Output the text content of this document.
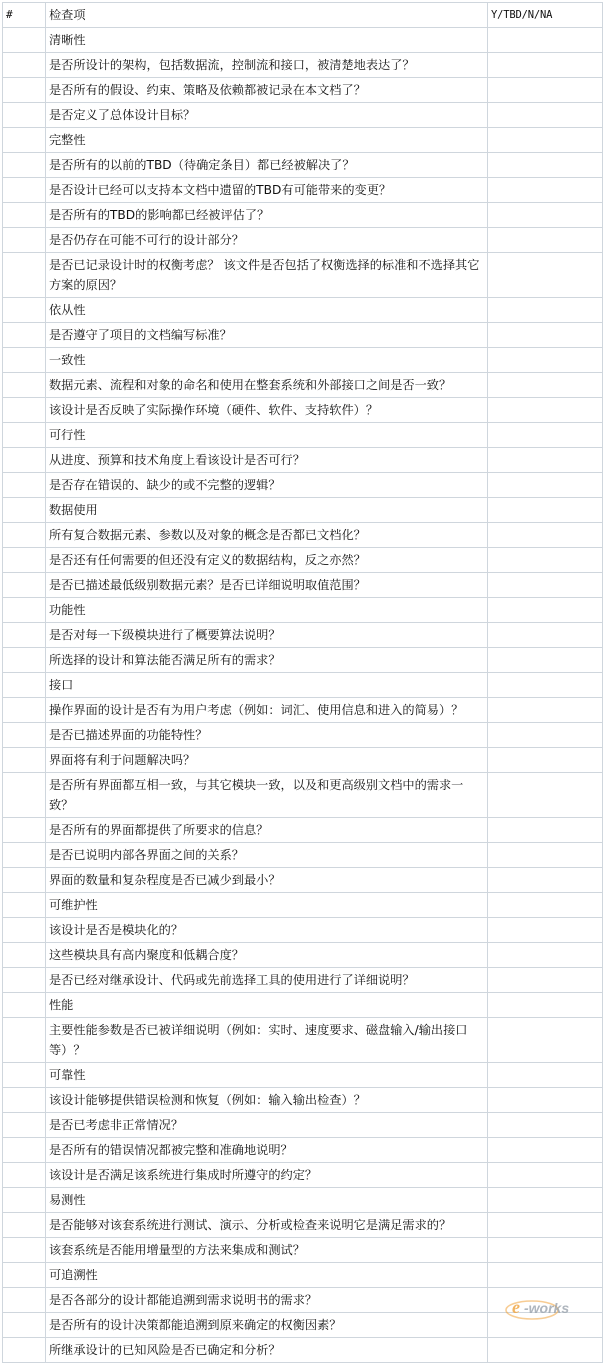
#	检查项	Y/TBD/N/NA
	清晰性	
	是否所设计的架构，包括数据流，控制流和接口，被清楚地表达了？	
	是否所有的假设、约束、策略及依赖都被记录在本文档了？	
	是否定义了总体设计目标？	
	完整性	
	是否所有的以前的TBD（待确定条目）都已经被解决了？	
	是否设计已经可以支持本文档中遗留的TBD有可能带来的变更？	
	是否所有的TBD的影响都已经被评估了？	
	是否仍存在可能不可行的设计部分？	
	是否已记录设计时的权衡考虑？ 该文件是否包括了权衡选择的标准和不选择其它方案的原因？	
	依从性	
	是否遵守了项目的文档编写标准？	
	一致性	
	数据元素、流程和对象的命名和使用在整套系统和外部接口之间是否一致？	
	该设计是否反映了实际操作环境（硬件、软件、支持软件）？	
	可行性	
	从进度、预算和技术角度上看该设计是否可行？	
	是否存在错误的、缺少的或不完整的逻辑？	
	数据使用	
	所有复合数据元素、参数以及对象的概念是否都已文档化？	
	是否还有任何需要的但还没有定义的数据结构，反之亦然？	
	是否已描述最低级别数据元素？是否已详细说明取值范围？	
	功能性	
	是否对每一下级模块进行了概要算法说明？	
	所选择的设计和算法能否满足所有的需求？	
	接口	
	操作界面的设计是否有为用户考虑（例如：词汇、使用信息和进入的简易）？	
	是否已描述界面的功能特性？	
	界面将有利于问题解决吗？	
	是否所有界面都互相一致，与其它模块一致，以及和更高级别文档中的需求一致？	
	是否所有的界面都提供了所要求的信息？	
	是否已说明内部各界面之间的关系？	
	界面的数量和复杂程度是否已减少到最小？	
	可维护性	
	该设计是否是模块化的？	
	这些模块具有高内聚度和低耦合度？	
	是否已经对继承设计、代码或先前选择工具的使用进行了详细说明？	
	性能	
	主要性能参数是否已被详细说明（例如：实时、速度要求、磁盘输入/输出接口等）？	
	可靠性	
	该设计能够提供错误检测和恢复（例如：输入输出检查）？	
	是否已考虑非正常情况？	
	是否所有的错误情况都被完整和准确地说明？	
	该设计是否满足该系统进行集成时所遵守的约定？	
	易测性	
	是否能够对该套系统进行测试、演示、分析或检查来说明它是满足需求的？	
	该套系统是否能用增量型的方法来集成和测试？	
	可追溯性	
	是否各部分的设计都能追溯到需求说明书的需求？	
	是否所有的设计决策都能追溯到原来确定的权衡因素？	
	所继承设计的已知风险是否已确定和分析？	
e -works
